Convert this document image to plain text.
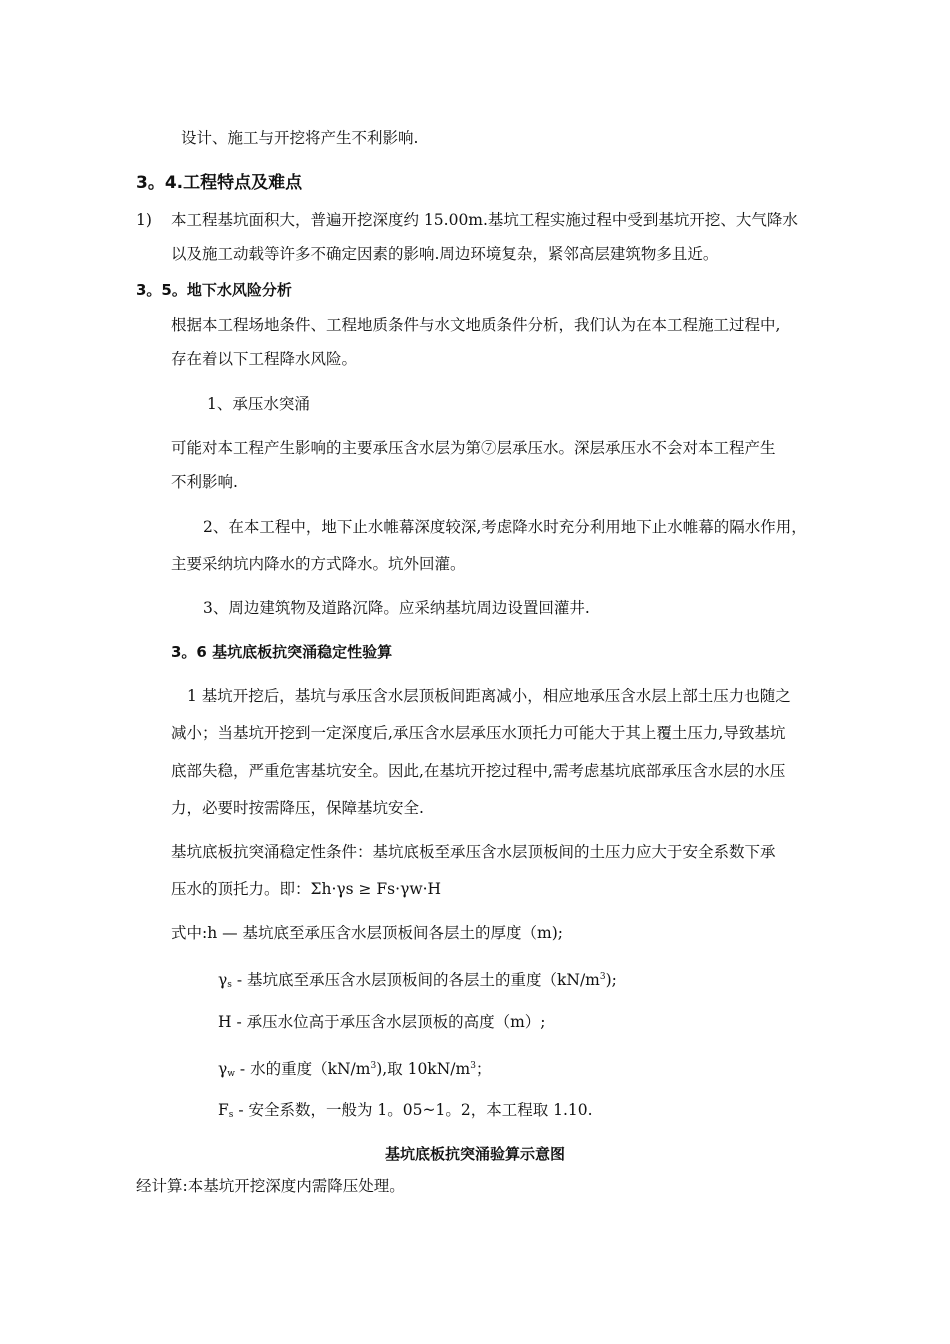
设计、施工与开挖将产生不利影响.
3。4.工程特点及难点
1) 本工程基坑面积大，普遍开挖深度约 15.00m.基坑工程实施过程中受到基坑开挖、大气降水
以及施工动载等许多不确定因素的影响.周边环境复杂，紧邻高层建筑物多且近。
3。5。地下水风险分析
根据本工程场地条件、工程地质条件与水文地质条件分析，我们认为在本工程施工过程中,
存在着以下工程降水风险。
1、承压水突涌
可能对本工程产生影响的主要承压含水层为第⑦层承压水。深层承压水不会对本工程产生
不利影响.
2、在本工程中，地下止水帷幕深度较深,考虑降水时充分利用地下止水帷幕的隔水作用，
主要采纳坑内降水的方式降水。坑外回灌。
3、周边建筑物及道路沉降。应采纳基坑周边设置回灌井.
3。6 基坑底板抗突涌稳定性验算
1 基坑开挖后，基坑与承压含水层顶板间距离减小，相应地承压含水层上部土压力也随之
减小；当基坑开挖到一定深度后,承压含水层承压水顶托力可能大于其上覆土压力,导致基坑
底部失稳，严重危害基坑安全。因此,在基坑开挖过程中,需考虑基坑底部承压含水层的水压
力，必要时按需降压，保障基坑安全.
基坑底板抗突涌稳定性条件：基坑底板至承压含水层顶板间的土压力应大于安全系数下承
压水的顶托力。即：Σh·γs ≥ Fs·γw·H
式中:h — 基坑底至承压含水层顶板间各层土的厚度（m);
$\gamma_s$ - 基坑底至承压含水层顶板间的各层土的重度$(kN/m^3)$;
H - 承压水位高于承压含水层顶板的高度（m）;
$\gamma_w$ - 水的重度$(kN/m^3)$,取 $10kN/m^3$；
$F_s$ - 安全系数，一般为 1。05~1。2，本工程取 1.10.
基坑底板抗突涌验算示意图
经计算:本基坑开挖深度内需降压处理。
